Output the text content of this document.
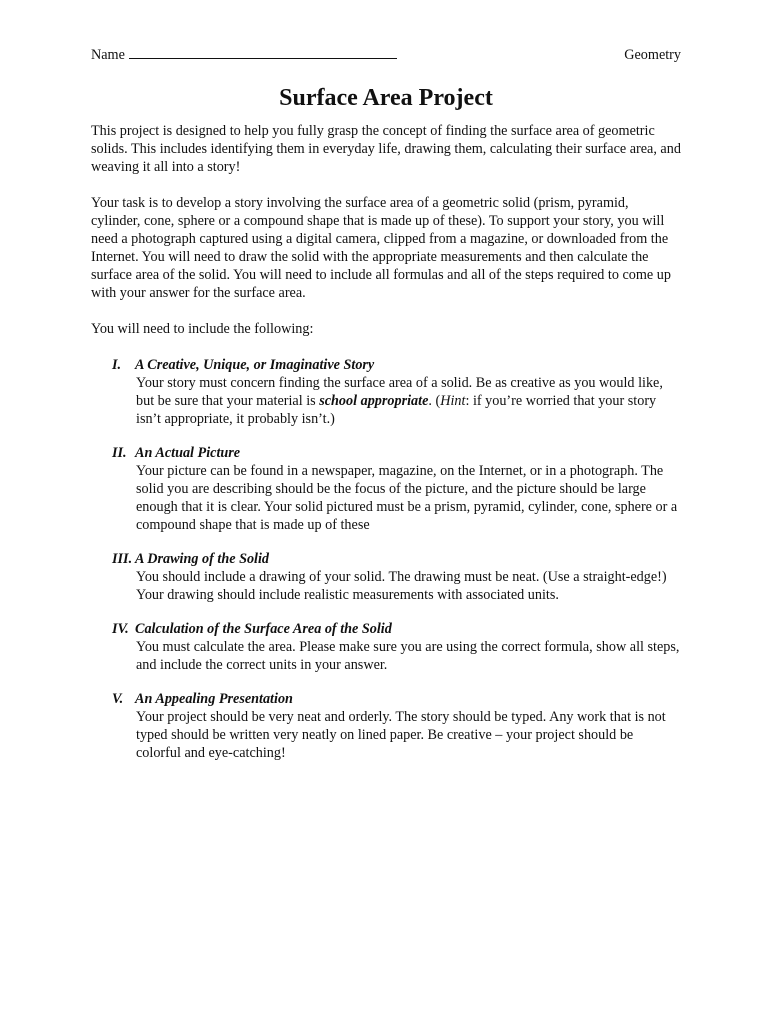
Name	Geometry
Surface Area Project

This project is designed to help you fully grasp the concept of finding the surface area of geometric solids. This includes identifying them in everyday life, drawing them, calculating their surface area, and weaving it all into a story!

Your task is to develop a story involving the surface area of a geometric solid (prism, pyramid, cylinder, cone, sphere or a compound shape that is made up of these). To support your story, you will need a photograph captured using a digital camera, clipped from a magazine, or downloaded from the Internet. You will need to draw the solid with the appropriate measurements and then calculate the surface area of the solid. You will need to include all formulas and all of the steps required to come up with your answer for the surface area.

You will need to include the following:

I. A Creative, Unique, or Imaginative Story
Your story must concern finding the surface area of a solid. Be as creative as you would like, but be sure that your material is school appropriate. (Hint: if you’re worried that your story isn’t appropriate, it probably isn’t.)
II. An Actual Picture
Your picture can be found in a newspaper, magazine, on the Internet, or in a photograph. The solid you are describing should be the focus of the picture, and the picture should be large enough that it is clear. Your solid pictured must be a prism, pyramid, cylinder, cone, sphere or a compound shape that is made up of these
III. A Drawing of the Solid
You should include a drawing of your solid. The drawing must be neat. (Use a straight-edge!) Your drawing should include realistic measurements with associated units.
IV. Calculation of the Surface Area of the Solid
You must calculate the area. Please make sure you are using the correct formula, show all steps, and include the correct units in your answer.
V. An Appealing Presentation
Your project should be very neat and orderly. The story should be typed. Any work that is not typed should be written very neatly on lined paper. Be creative – your project should be colorful and eye-catching!
